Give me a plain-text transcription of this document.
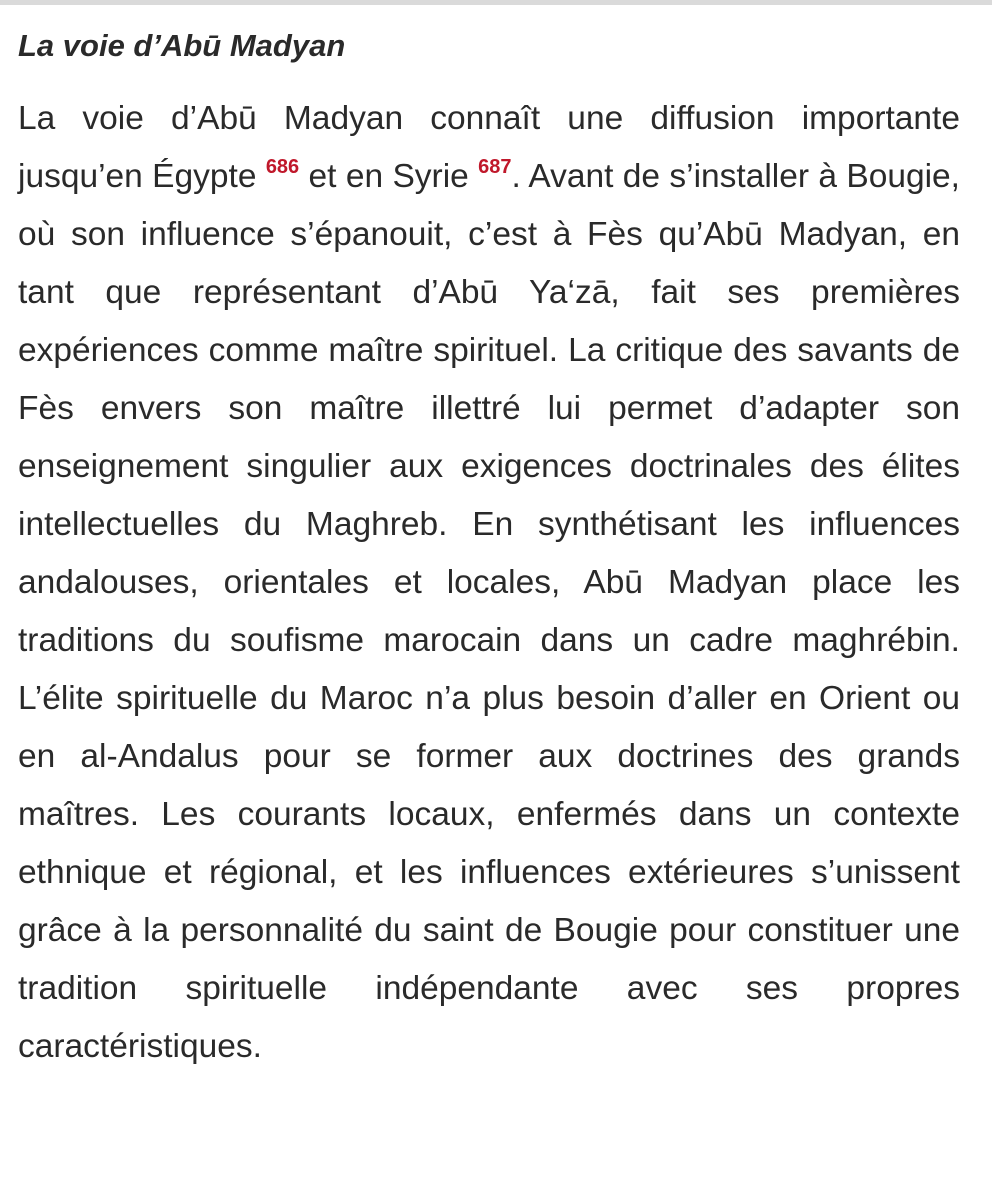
La voie d’Abū Madyan

La voie d’Abū Madyan connaît une diffusion importante jusqu’en Égypte $^{686}$ et en Syrie $^{687}$. Avant de s’installer à Bougie, où son influence s’épanouit, c’est à Fès qu’Abū Madyan, en tant que représentant d’Abū Ya‘zā, fait ses premières expériences comme maître spirituel. La critique des savants de Fès envers son maître illettré lui permet d’adapter son enseignement singulier aux exigences doctrinales des élites intellectuelles du Maghreb. En synthétisant les influences andalouses, orientales et locales, Abū Madyan place les traditions du soufisme marocain dans un cadre maghrébin. L’élite spirituelle du Maroc n’a plus besoin d’aller en Orient ou en al-Andalus pour se former aux doctrines des grands maîtres. Les courants locaux, enfermés dans un contexte ethnique et régional, et les influences extérieures s’unissent grâce à la personnalité du saint de Bougie pour constituer une tradition spirituelle indépendante avec ses propres caractéristiques.
